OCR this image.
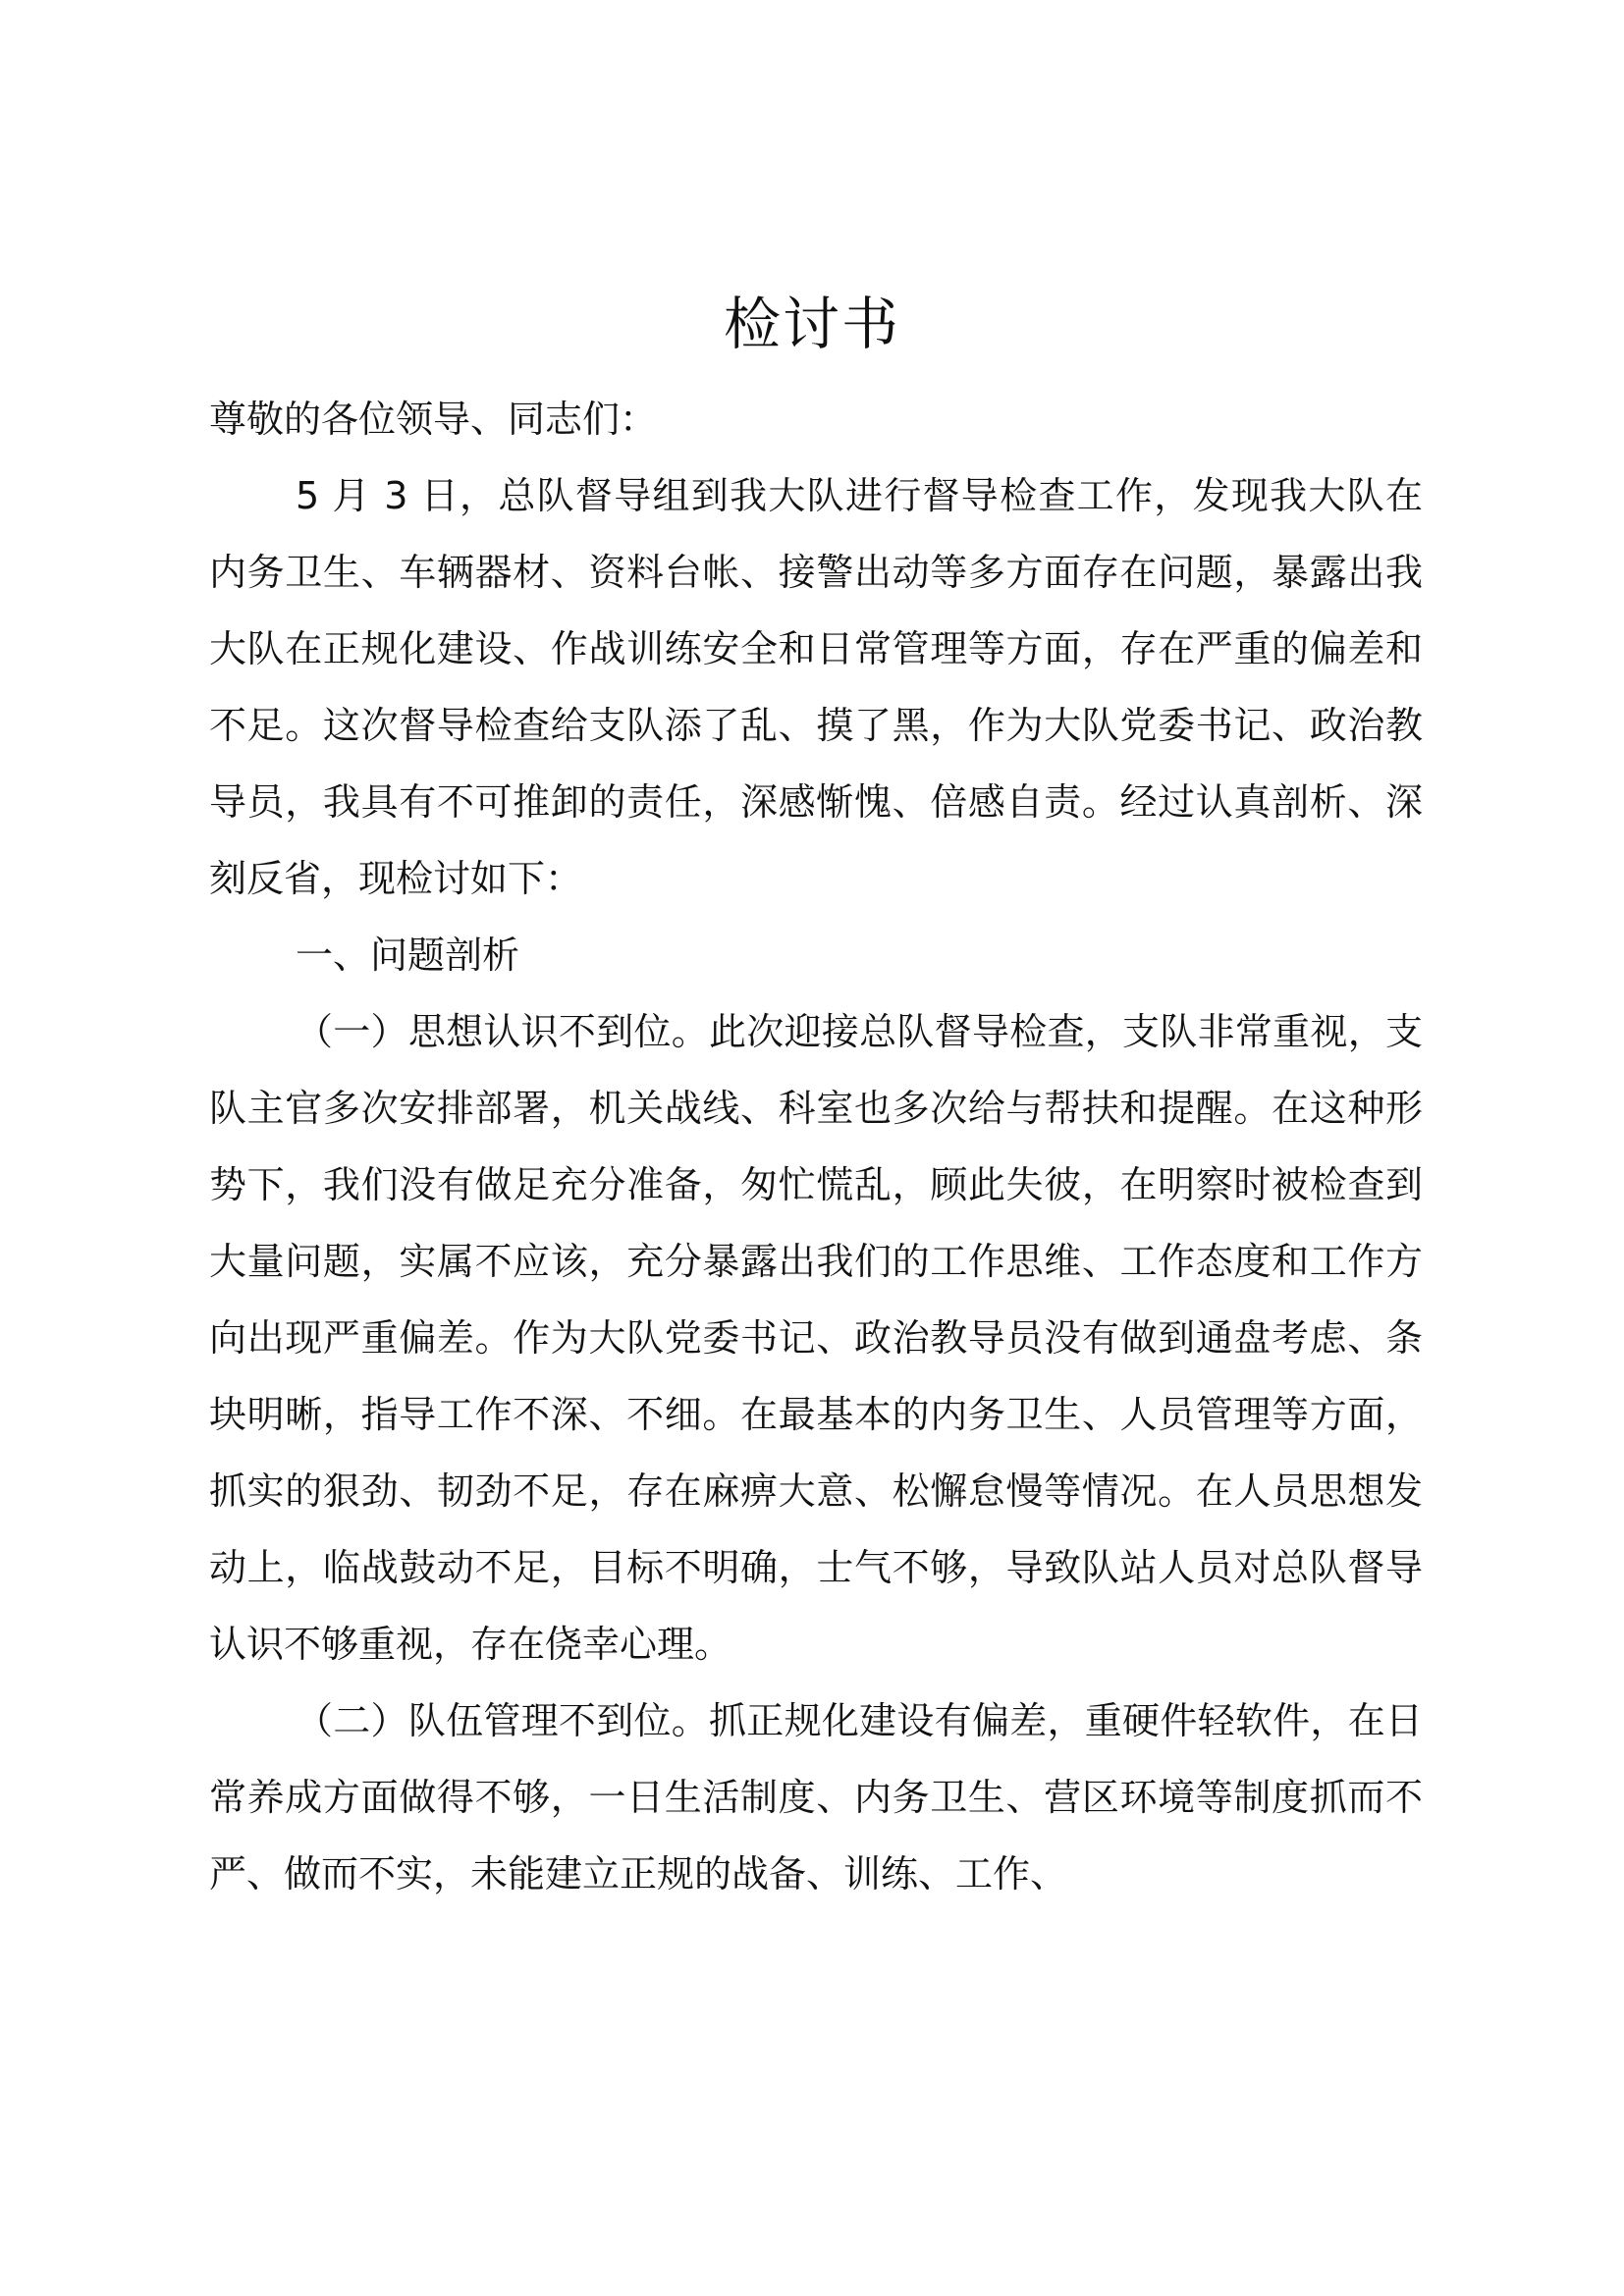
检讨书

尊敬的各位领导、同志们：

5 月 3 日，总队督导组到我大队进行督导检查工作，发现我大队在内务卫生、车辆器材、资料台帐、接警出动等多方面存在问题，暴露出我大队在正规化建设、作战训练安全和日常管理等方面，存在严重的偏差和不足。这次督导检查给支队添了乱、摸了黑，作为大队党委书记、政治教导员，我具有不可推卸的责任，深感惭愧、倍感自责。经过认真剖析、深刻反省，现检讨如下：

一、问题剖析

（一）思想认识不到位。此次迎接总队督导检查，支队非常重视，支队主官多次安排部署，机关战线、科室也多次给与帮扶和提醒。在这种形势下，我们没有做足充分准备，匆忙慌乱，顾此失彼，在明察时被检查到大量问题，实属不应该，充分暴露出我们的工作思维、工作态度和工作方向出现严重偏差。作为大队党委书记、政治教导员没有做到通盘考虑、条块明晰，指导工作不深、不细。在最基本的内务卫生、人员管理等方面，抓实的狠劲、韧劲不足，存在麻痹大意、松懈怠慢等情况。在人员思想发动上，临战鼓动不足，目标不明确，士气不够，导致队站人员对总队督导认识不够重视，存在侥幸心理。

（二）队伍管理不到位。抓正规化建设有偏差，重硬件轻软件，在日常养成方面做得不够，一日生活制度、内务卫生、营区环境等制度抓而不严、做而不实，未能建立正规的战备、训练、工作、
